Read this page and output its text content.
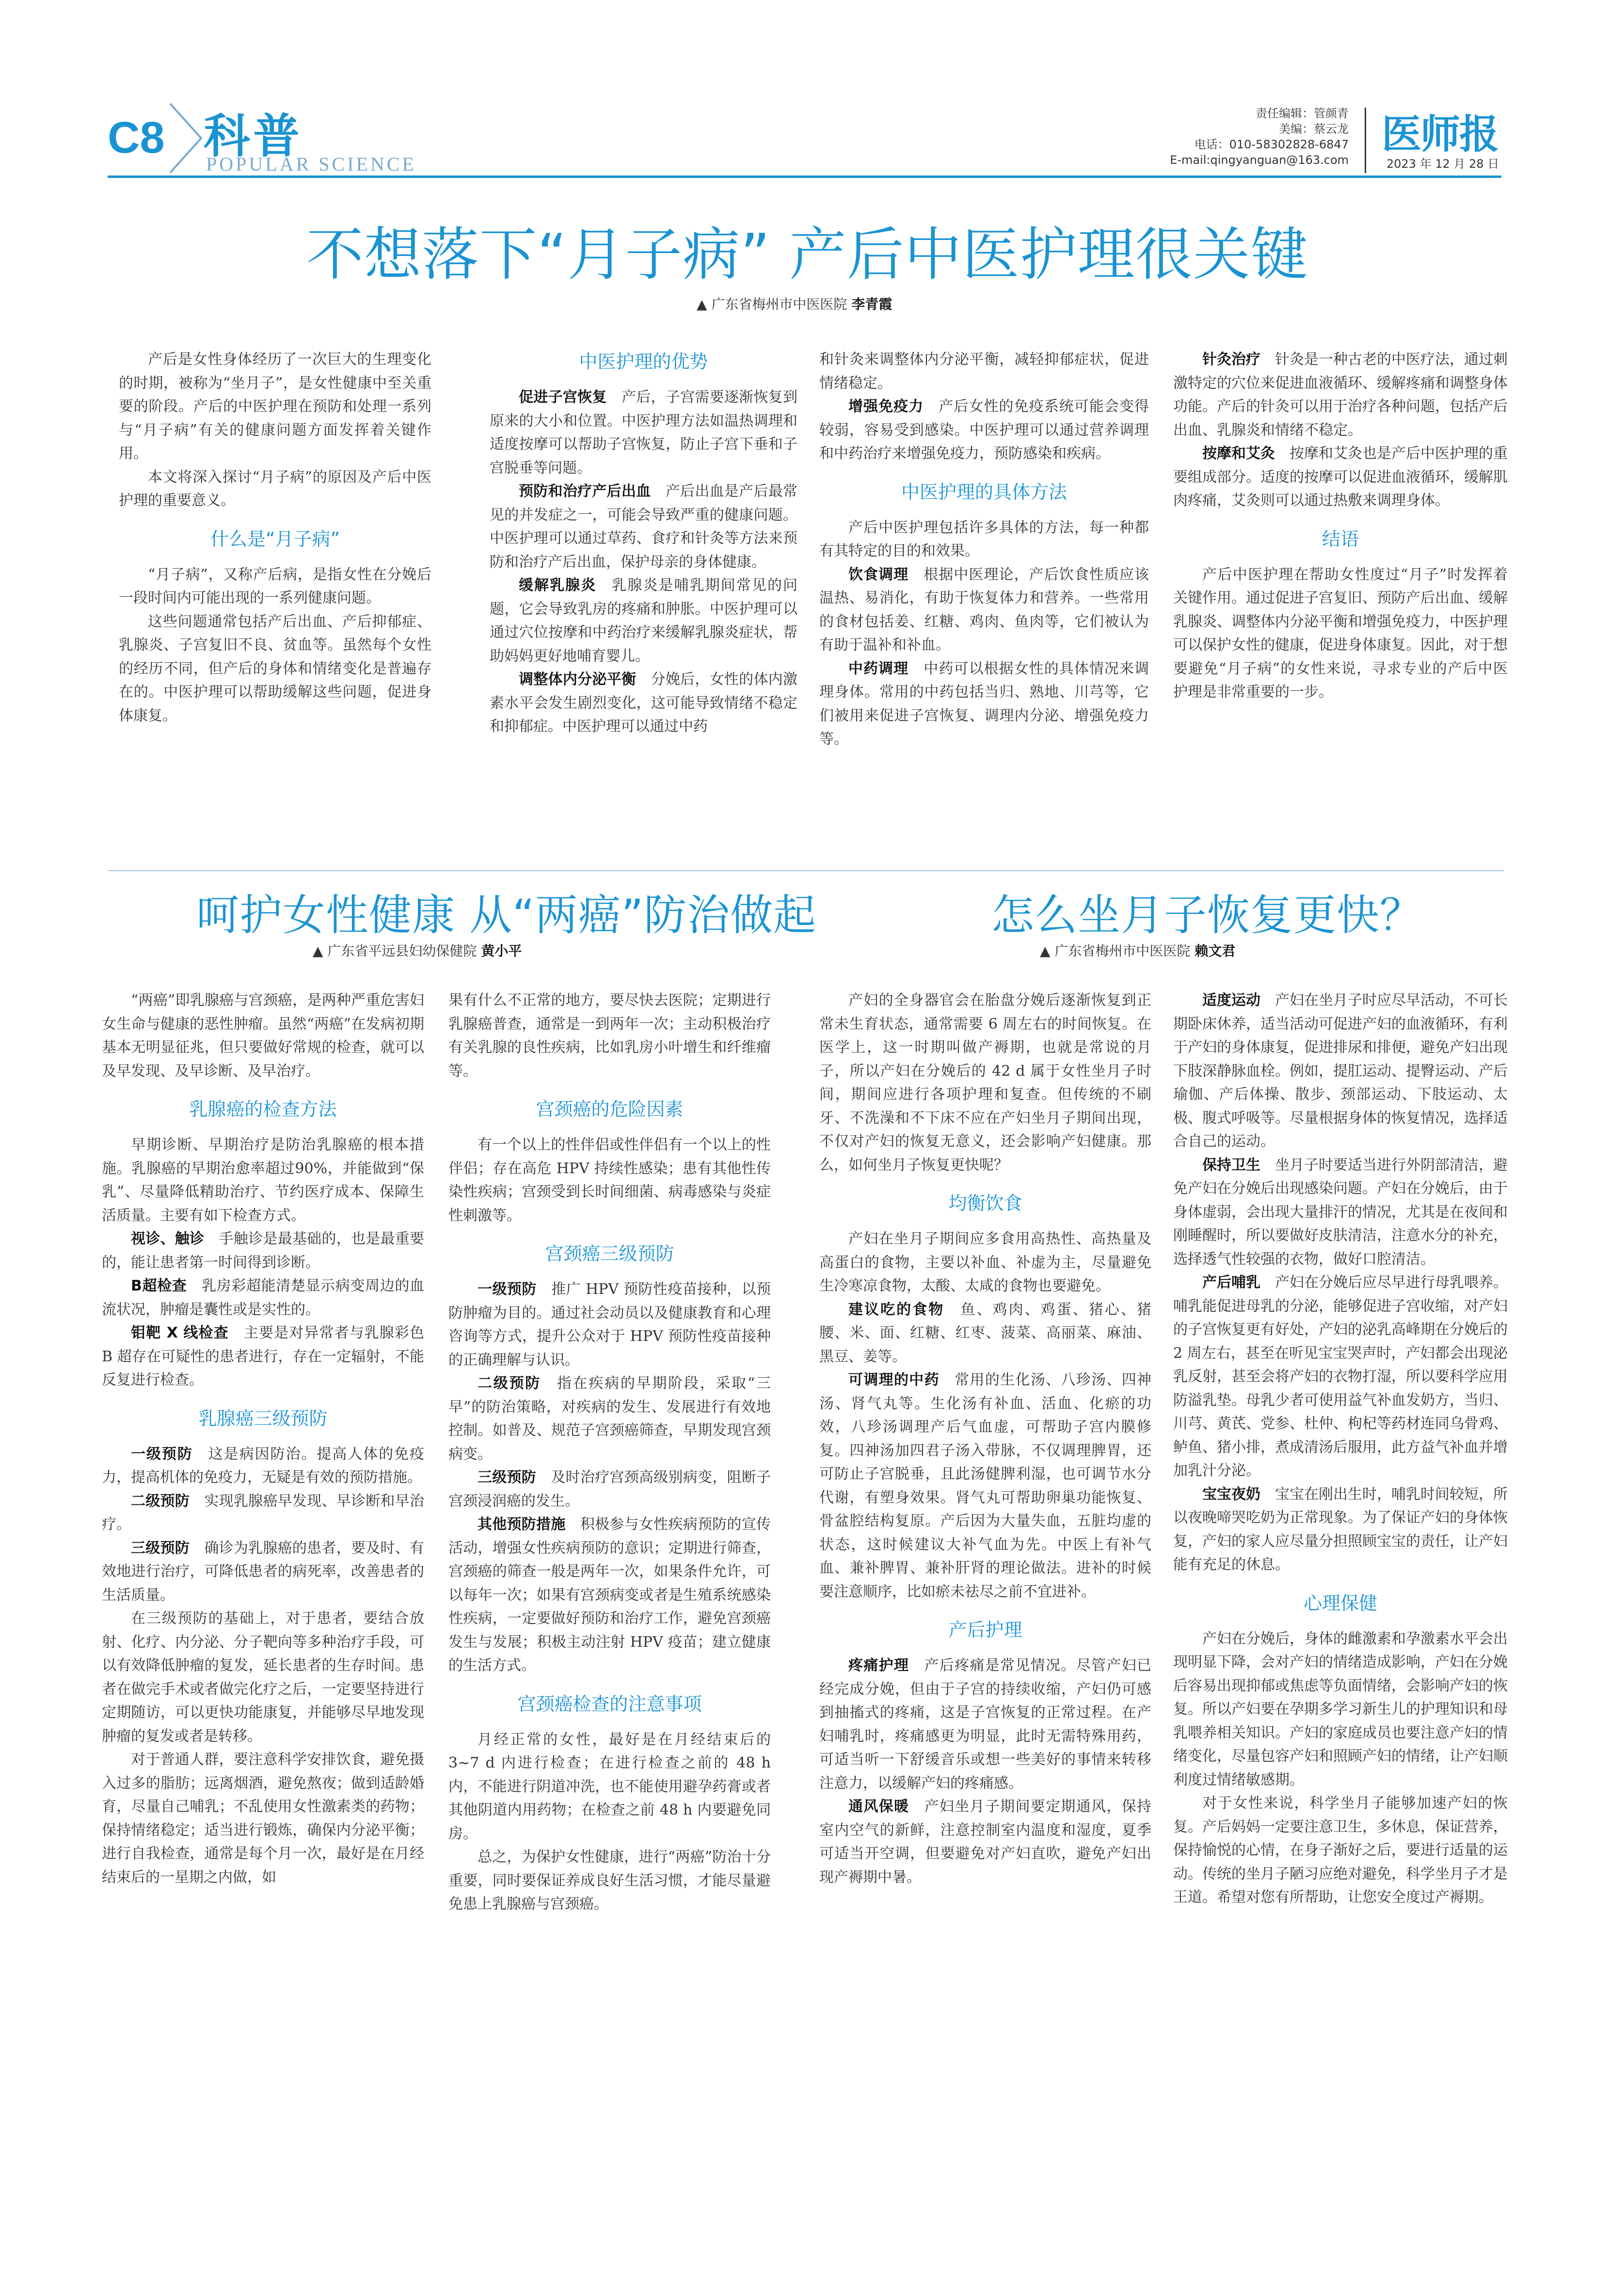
C8 科普
POPULAR SCIENCE
责任编辑：管颜青
美编：蔡云龙
电话：010-58302828-6847
E-mail:qingyanguan@163.com
医师报
2023 年 12 月 28 日
不想落下“月子病” 产后中医护理很关键
▲ 广东省梅州市中医医院 李青霞

产后是女性身体经历了一次巨大的生理变化的时期，被称为“坐月子”，是女性健康中至关重要的阶段。产后的中医护理在预防和处理一系列与“月子病”有关的健康问题方面发挥着关键作用。

本文将深入探讨“月子病”的原因及产后中医护理的重要意义。

什么是“月子病”

“月子病”，又称产后病，是指女性在分娩后一段时间内可能出现的一系列健康问题。

这些问题通常包括产后出血、产后抑郁症、乳腺炎、子宫复旧不良、贫血等。虽然每个女性的经历不同，但产后的身体和情绪变化是普遍存在的。中医护理可以帮助缓解这些问题，促进身体康复。

中医护理的优势

促进子宫恢复　 产后，子宫需要逐渐恢复到原来的大小和位置。中医护理方法如温热调理和适度按摩可以帮助子宫恢复，防止子宫下垂和子宫脱垂等问题。

预防和治疗产后出血　 产后出血是产后最常见的并发症之一，可能会导致严重的健康问题。中医护理可以通过草药、食疗和针灸等方法来预防和治疗产后出血，保护母亲的身体健康。

缓解乳腺炎　 乳腺炎是哺乳期间常见的问题，它会导致乳房的疼痛和肿胀。中医护理可以通过穴位按摩和中药治疗来缓解乳腺炎症状，帮助妈妈更好地哺育婴儿。

调整体内分泌平衡　 分娩后，女性的体内激素水平会发生剧烈变化，这可能导致情绪不稳定和抑郁症。中医护理可以通过中药

和针灸来调整体内分泌平衡，减轻抑郁症状，促进情绪稳定。

增强免疫力　 产后女性的免疫系统可能会变得较弱，容易受到感染。中医护理可以通过营养调理和中药治疗来增强免疫力，预防感染和疾病。

中医护理的具体方法

产后中医护理包括许多具体的方法，每一种都有其特定的目的和效果。

饮食调理　 根据中医理论，产后饮食性质应该温热、易消化，有助于恢复体力和营养。一些常用的食材包括姜、红糖、鸡肉、鱼肉等，它们被认为有助于温补和补血。

中药调理　 中药可以根据女性的具体情况来调理身体。常用的中药包括当归、熟地、川芎等，它们被用来促进子宫恢复、调理内分泌、增强免疫力等。

针灸治疗　 针灸是一种古老的中医疗法，通过刺激特定的穴位来促进血液循环、缓解疼痛和调整身体功能。产后的针灸可以用于治疗各种问题，包括产后出血、乳腺炎和情绪不稳定。

按摩和艾灸　 按摩和艾灸也是产后中医护理的重要组成部分。适度的按摩可以促进血液循环，缓解肌肉疼痛，艾灸则可以通过热敷来调理身体。

结语

产后中医护理在帮助女性度过“月子”时发挥着关键作用。通过促进子宫复旧、预防产后出血、缓解乳腺炎、调整体内分泌平衡和增强免疫力，中医护理可以保护女性的健康，促进身体康复。因此，对于想要避免“月子病”的女性来说，寻求专业的产后中医护理是非常重要的一步。

呵护女性健康 从“两癌”防治做起
▲ 广东省平远县妇幼保健院 黄小平

“两癌”即乳腺癌与宫颈癌，是两种严重危害妇女生命与健康的恶性肿瘤。虽然“两癌”在发病初期基本无明显征兆，但只要做好常规的检查，就可以及早发现、及早诊断、及早治疗。

乳腺癌的检查方法

早期诊断、早期治疗是防治乳腺癌的根本措施。乳腺癌的早期治愈率超过90%，并能做到“保乳”、尽量降低精助治疗、节约医疗成本、保障生活质量。主要有如下检查方式。

视诊、触诊　 手触诊是最基础的，也是最重要的，能让患者第一时间得到诊断。

B超检查　 乳房彩超能清楚显示病变周边的血流状况，肿瘤是囊性或是实性的。

钼靶 X 线检查　 主要是对异常者与乳腺彩色 B 超存在可疑性的患者进行，存在一定辐射，不能反复进行检查。

乳腺癌三级预防

一级预防　 这是病因防治。提高人体的免疫力，提高机体的免疫力，无疑是有效的预防措施。

二级预防　 实现乳腺癌早发现、早诊断和早治疗。

三级预防　 确诊为乳腺癌的患者，要及时、有效地进行治疗，可降低患者的病死率，改善患者的生活质量。

在三级预防的基础上，对于患者，要结合放射、化疗、内分泌、分子靶向等多种治疗手段，可以有效降低肿瘤的复发，延长患者的生存时间。患者在做完手术或者做完化疗之后，一定要坚持进行定期随访，可以更快功能康复，并能够尽早地发现肿瘤的复发或者是转移。

对于普通人群，要注意科学安排饮食，避免摄入过多的脂肪；远离烟酒，避免熬夜；做到适龄婚育，尽量自己哺乳；不乱使用女性激素类的药物；保持情绪稳定；适当进行锻炼，确保内分泌平衡；进行自我检查，通常是每个月一次，最好是在月经结束后的一星期之内做，如

果有什么不正常的地方，要尽快去医院；定期进行乳腺癌普查，通常是一到两年一次；主动积极治疗有关乳腺的良性疾病，比如乳房小叶增生和纤维瘤等。

宫颈癌的危险因素

有一个以上的性伴侣或性伴侣有一个以上的性伴侣；存在高危 HPV 持续性感染；患有其他性传染性疾病；宫颈受到长时间细菌、病毒感染与炎症性刺激等。

宫颈癌三级预防

一级预防　 推广 HPV 预防性疫苗接种，以预防肿瘤为目的。通过社会动员以及健康教育和心理咨询等方式，提升公众对于 HPV 预防性疫苗接种的正确理解与认识。

二级预防　 指在疾病的早期阶段，采取“三早”的防治策略，对疾病的发生、发展进行有效地控制。如普及、规范子宫颈癌筛查，早期发现宫颈病变。

三级预防　 及时治疗宫颈高级别病变，阻断子宫颈浸润癌的发生。

其他预防措施　 积极参与女性疾病预防的宣传活动，增强女性疾病预防的意识；定期进行筛查，宫颈癌的筛查一般是两年一次，如果条件允许，可以每年一次；如果有宫颈病变或者是生殖系统感染性疾病，一定要做好预防和治疗工作，避免宫颈癌发生与发展；积极主动注射 HPV 疫苗；建立健康的生活方式。

宫颈癌检查的注意事项

月经正常的女性，最好是在月经结束后的 3~7 d 内进行检查；在进行检查之前的 48 h 内，不能进行阴道冲洗，也不能使用避孕药膏或者其他阴道内用药物；在检查之前 48 h 内要避免同房。

总之，为保护女性健康，进行“两癌”防治十分重要，同时要保证养成良好生活习惯，才能尽量避免患上乳腺癌与宫颈癌。

怎么坐月子恢复更快？
▲ 广东省梅州市中医医院 赖文君

产妇的全身器官会在胎盘分娩后逐渐恢复到正常未生育状态，通常需要 6 周左右的时间恢复。在医学上，这一时期叫做产褥期，也就是常说的月子，所以产妇在分娩后的 42 d 属于女性坐月子时间，期间应进行各项护理和复查。但传统的不刷牙、不洗澡和不下床不应在产妇坐月子期间出现，不仅对产妇的恢复无意义，还会影响产妇健康。那么，如何坐月子恢复更快呢？

均衡饮食

产妇在坐月子期间应多食用高热性、高热量及高蛋白的食物，主要以补血、补虚为主，尽量避免生冷寒凉食物，太酸、太咸的食物也要避免。

建议吃的食物　 鱼、鸡肉、鸡蛋、猪心、猪腰、米、面、红糖、红枣、菠菜、高丽菜、麻油、黑豆、姜等。

可调理的中药　 常用的生化汤、八珍汤、四神汤、肾气丸等。生化汤有补血、活血、化瘀的功效，八珍汤调理产后气血虚，可帮助子宫内膜修复。四神汤加四君子汤入带脉，不仅调理脾胃，还可防止子宫脱垂，且此汤健脾利湿，也可调节水分代谢，有塑身效果。肾气丸可帮助卵巢功能恢复、骨盆腔结构复原。产后因为大量失血，五脏均虚的状态，这时候建议大补气血为先。中医上有补气血、兼补脾胃、兼补肝肾的理论做法。进补的时候要注意顺序，比如瘀未祛尽之前不宜进补。

产后护理

疼痛护理　 产后疼痛是常见情况。尽管产妇已经完成分娩，但由于子宫的持续收缩，产妇仍可感到抽搐式的疼痛，这是子宫恢复的正常过程。在产妇哺乳时，疼痛感更为明显，此时无需特殊用药，可适当听一下舒缓音乐或想一些美好的事情来转移注意力，以缓解产妇的疼痛感。

通风保暖　 产妇坐月子期间要定期通风，保持室内空气的新鲜，注意控制室内温度和湿度，夏季可适当开空调，但要避免对产妇直吹，避免产妇出现产褥期中暑。

适度运动　 产妇在坐月子时应尽早活动，不可长期卧床休养，适当活动可促进产妇的血液循环，有利于产妇的身体康复，促进排尿和排便，避免产妇出现下肢深静脉血栓。例如，提肛运动、提臀运动、产后瑜伽、产后体操、散步、颈部运动、下肢运动、太极、腹式呼吸等。尽量根据身体的恢复情况，选择适合自己的运动。

保持卫生　 坐月子时要适当进行外阴部清洁，避免产妇在分娩后出现感染问题。产妇在分娩后，由于身体虚弱，会出现大量排汗的情况，尤其是在夜间和刚睡醒时，所以要做好皮肤清洁，注意水分的补充，选择透气性较强的衣物，做好口腔清洁。

产后哺乳　 产妇在分娩后应尽早进行母乳喂养。哺乳能促进母乳的分泌，能够促进子宫收缩，对产妇的子宫恢复更有好处，产妇的泌乳高峰期在分娩后的 2 周左右，甚至在听见宝宝哭声时，产妇都会出现泌乳反射，甚至会将产妇的衣物打湿，所以要科学应用防溢乳垫。母乳少者可使用益气补血发奶方，当归、川芎、黄芪、党参、杜仲、枸杞等药材连同乌骨鸡、鲈鱼、猪小排，煮成清汤后服用，此方益气补血并增加乳汁分泌。

宝宝夜奶　 宝宝在刚出生时，哺乳时间较短，所以夜晚啼哭吃奶为正常现象。为了保证产妇的身体恢复，产妇的家人应尽量分担照顾宝宝的责任，让产妇能有充足的休息。

心理保健

产妇在分娩后，身体的雌激素和孕激素水平会出现明显下降，会对产妇的情绪造成影响，产妇在分娩后容易出现抑郁或焦虑等负面情绪，会影响产妇的恢复。所以产妇要在孕期多学习新生儿的护理知识和母乳喂养相关知识。产妇的家庭成员也要注意产妇的情绪变化，尽量包容产妇和照顾产妇的情绪，让产妇顺利度过情绪敏感期。

对于女性来说，科学坐月子能够加速产妇的恢复。产后妈妈一定要注意卫生，多休息，保证营养，保持愉悦的心情，在身子渐好之后，要进行适量的运动。传统的坐月子陋习应绝对避免，科学坐月子才是王道。希望对您有所帮助，让您安全度过产褥期。
